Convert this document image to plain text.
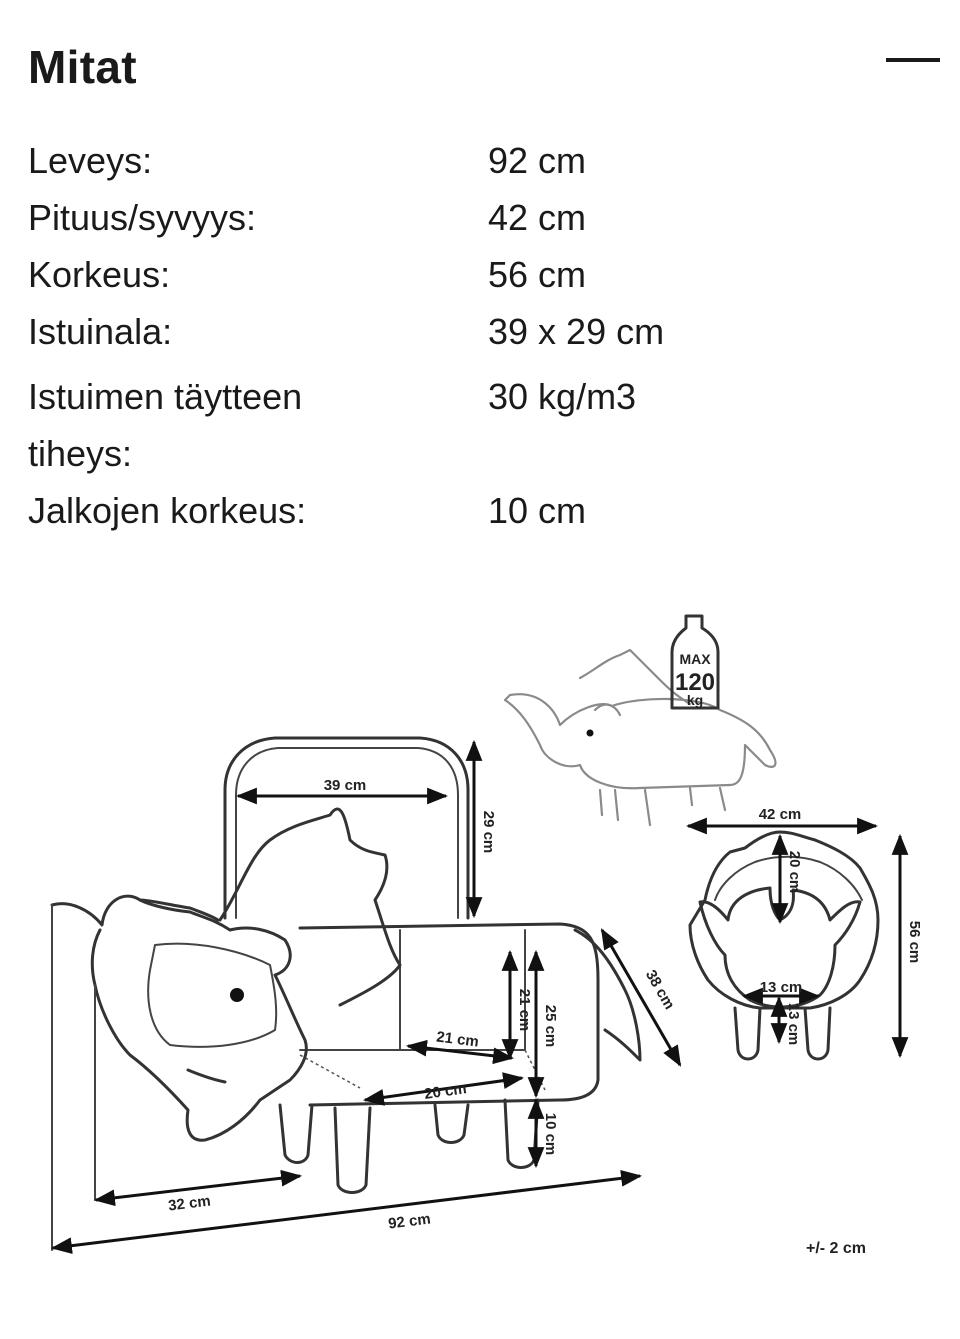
Mitat
Leveys:	92 cm
Pituus/syvyys:	42 cm
Korkeus:	56 cm
Istuinala:	39 x 29 cm
Istuimen täytteen tiheys:
30 kg/m3
Jalkojen korkeus:	10 cm
MAX
120
kg
39 cm
29 cm
21 cm 25 cm
10 cm
21 cm
20 cm
38 cm
32 cm
92 cm
42 cm
20 cm
56 cm
13 cm
13 cm
+/- 2 cm
